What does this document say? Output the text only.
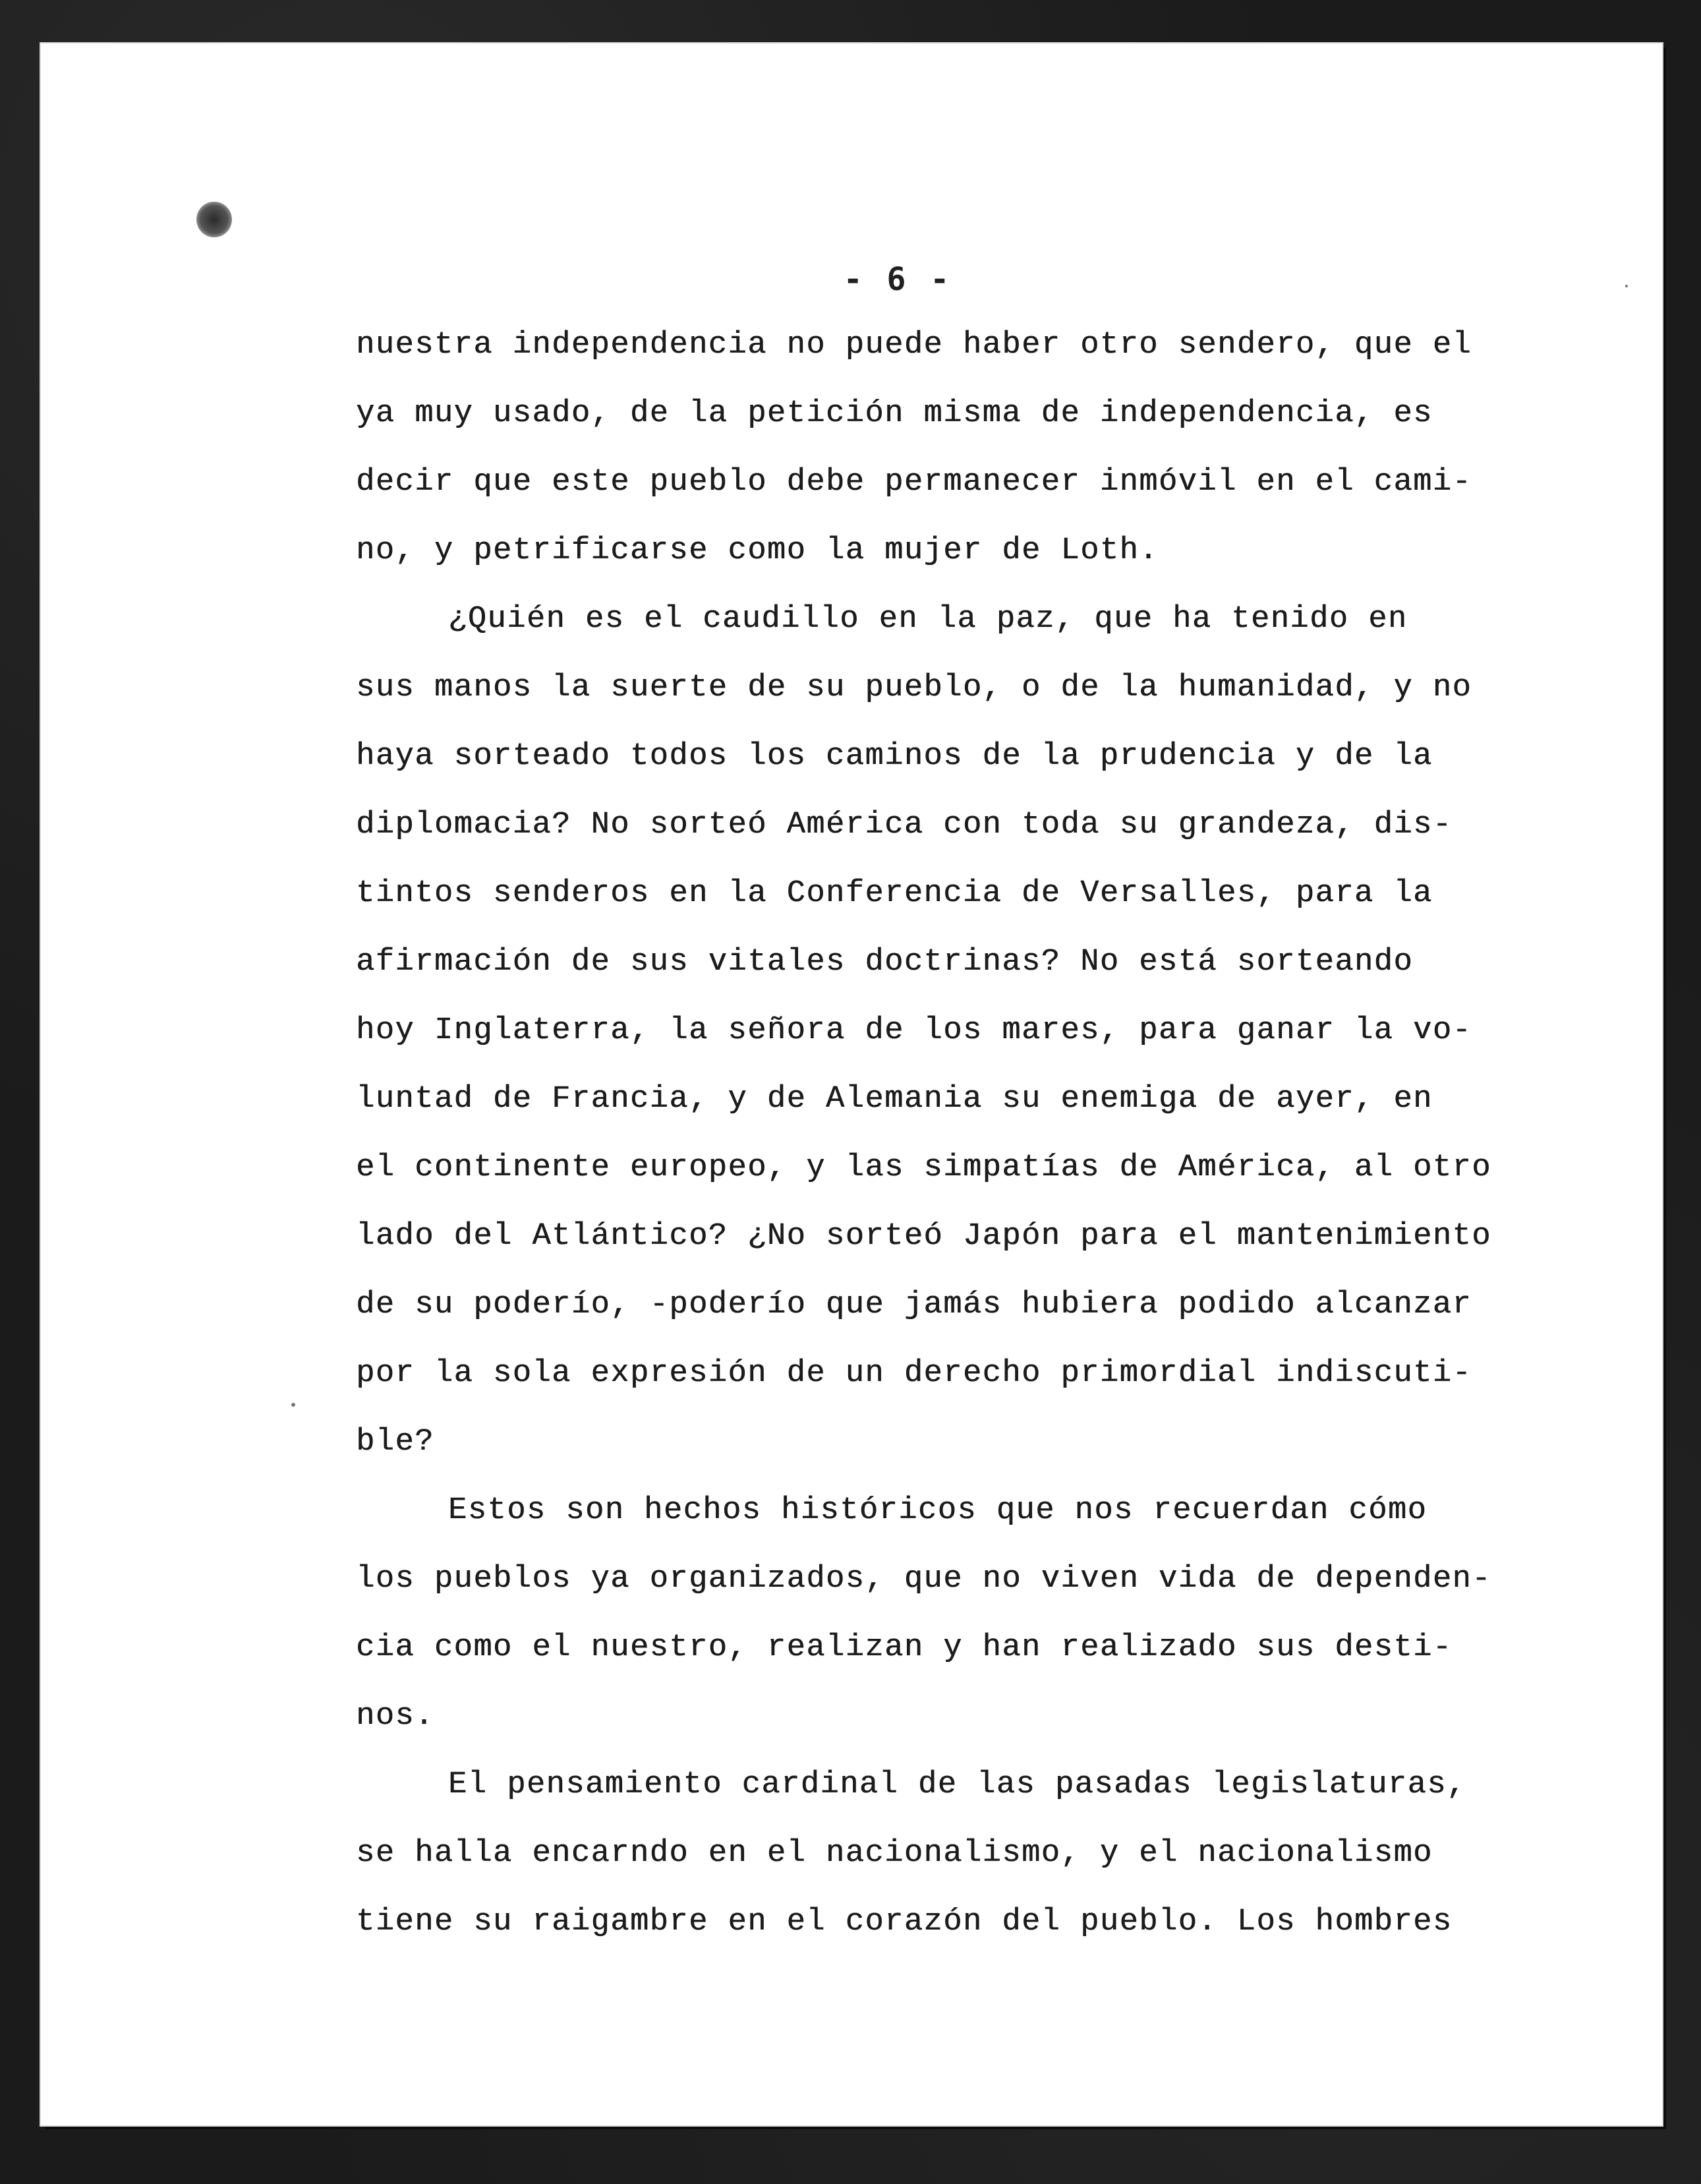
- 6 -
nuestra independencia no puede haber otro sendero, que el
ya muy usado, de la petición misma de independencia, es
decir que este pueblo debe permanecer inmóvil en el cami-
no, y petrificarse como la mujer de Loth.
¿Quién es el caudillo en la paz, que ha tenido en
sus manos la suerte de su pueblo, o de la humanidad, y no
haya sorteado todos los caminos de la prudencia y de la
diplomacia? No sorteó América con toda su grandeza, dis-
tintos senderos en la Conferencia de Versalles, para la
afirmación de sus vitales doctrinas? No está sorteando
hoy Inglaterra, la señora de los mares, para ganar la vo-
luntad de Francia, y de Alemania su enemiga de ayer, en
el continente europeo, y las simpatías de América, al otro
lado del Atlántico? ¿No sorteó Japón para el mantenimiento
de su poderío, -poderío que jamás hubiera podido alcanzar
por la sola expresión de un derecho primordial indiscuti-
ble?
Estos son hechos históricos que nos recuerdan cómo
los pueblos ya organizados, que no viven vida de dependen-
cia como el nuestro, realizan y han realizado sus desti-
nos.
El pensamiento cardinal de las pasadas legislaturas,
se halla encarndo en el nacionalismo, y el nacionalismo
tiene su raigambre en el corazón del pueblo. Los hombres
